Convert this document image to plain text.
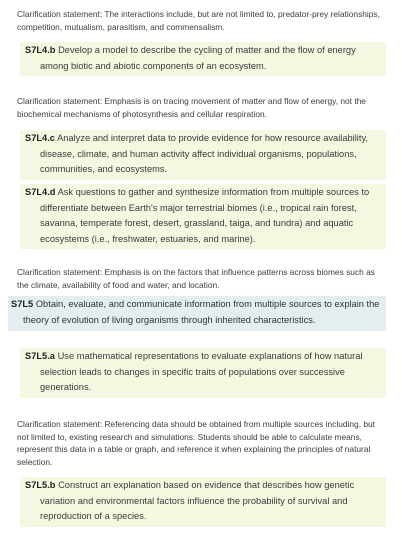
Clarification statement: The interactions include, but are not limited to, predator-prey relationships, competition, mutualism, parasitism, and commensalism.
S7L4.b Develop a model to describe the cycling of matter and the flow of energy among biotic and abiotic components of an ecosystem.
Clarification statement: Emphasis is on tracing movement of matter and flow of energy, not the biochemical mechanisms of photosynthesis and cellular respiration.
S7L4.c Analyze and interpret data to provide evidence for how resource availability, disease, climate, and human activity affect individual organisms, populations, communities, and ecosystems.
S7L4.d Ask questions to gather and synthesize information from multiple sources to differentiate between Earth's major terrestrial biomes (i.e., tropical rain forest, savanna, temperate forest, desert, grassland, taiga, and tundra) and aquatic ecosystems (i.e., freshwater, estuaries, and marine).
Clarification statement: Emphasis is on the factors that influence patterns across biomes such as the climate, availability of food and water, and location.
S7L5 Obtain, evaluate, and communicate information from multiple sources to explain the theory of evolution of living organisms through inherited characteristics.
S7L5.a Use mathematical representations to evaluate explanations of how natural selection leads to changes in specific traits of populations over successive generations.
Clarification statement: Referencing data should be obtained from multiple sources including, but not limited to, existing research and simulations. Students should be able to calculate means, represent this data in a table or graph, and reference it when explaining the principles of natural selection.
S7L5.b Construct an explanation based on evidence that describes how genetic variation and environmental factors influence the probability of survival and reproduction of a species.
